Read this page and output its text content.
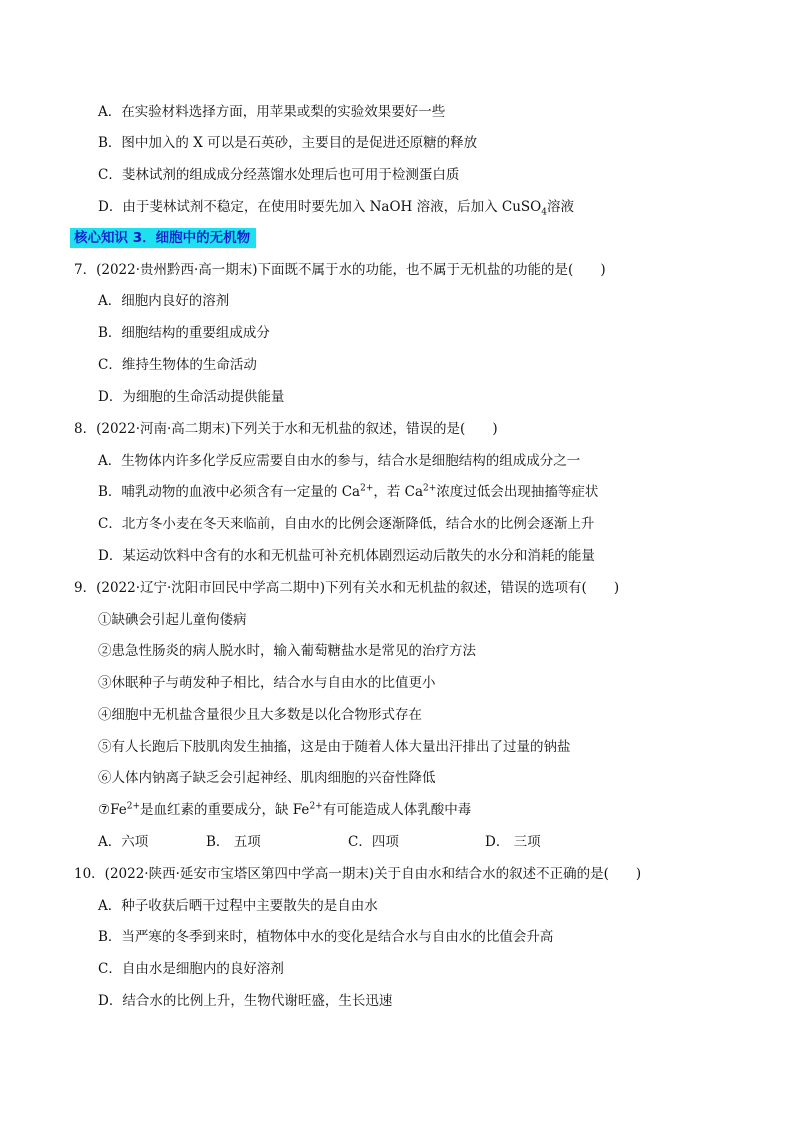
A．在实验材料选择方面，用苹果或梨的实验效果要好一些
B．图中加入的 X 可以是石英砂，主要目的是促进还原糖的释放
C．斐林试剂的组成成分经蒸馏水处理后也可用于检测蛋白质
D．由于斐林试剂不稳定，在使用时要先加入 NaOH 溶液，后加入 CuSO$_4$溶液
核心知识 3．细胞中的无机物
7．(2022·贵州黔西·高一期末)下面既不属于水的功能，也不属于无机盐的功能的是(　　)
A．细胞内良好的溶剂
B．细胞结构的重要组成成分
C．维持生物体的生命活动
D．为细胞的生命活动提供能量
8．(2022·河南·高二期末)下列关于水和无机盐的叙述，错误的是(　　)
A．生物体内许多化学反应需要自由水的参与，结合水是细胞结构的组成成分之一
B．哺乳动物的血液中必须含有一定量的 $Ca^{2+}$，若 $Ca^{2+}$浓度过低会出现抽搐等症状
C．北方冬小麦在冬天来临前，自由水的比例会逐渐降低，结合水的比例会逐渐上升
D．某运动饮料中含有的水和无机盐可补充机体剧烈运动后散失的水分和消耗的能量
9．(2022·辽宁·沈阳市回民中学高二期中)下列有关水和无机盐的叙述，错误的选项有(　　)
①缺碘会引起儿童佝偻病
②患急性肠炎的病人脱水时，输入葡萄糖盐水是常见的治疗方法
③休眠种子与萌发种子相比，结合水与自由水的比值更小
④细胞中无机盐含量很少且大多数是以化合物形式存在
⑤有人长跑后下肢肌肉发生抽搐，这是由于随着人体大量出汗排出了过量的钠盐
⑥人体内钠离子缺乏会引起神经、肌肉细胞的兴奋性降低
$⑦Fe^{2+}$是血红素的重要成分，缺 $Fe^{2+}$有可能造成人体乳酸中毒
A．六项	B． 五项	C．四项	D． 三项
10．(2022·陕西·延安市宝塔区第四中学高一期末)关于自由水和结合水的叙述不正确的是(　　)
A．种子收获后晒干过程中主要散失的是自由水
B．当严寒的冬季到来时，植物体中水的变化是结合水与自由水的比值会升高
C．自由水是细胞内的良好溶剂
D．结合水的比例上升，生物代谢旺盛，生长迅速
